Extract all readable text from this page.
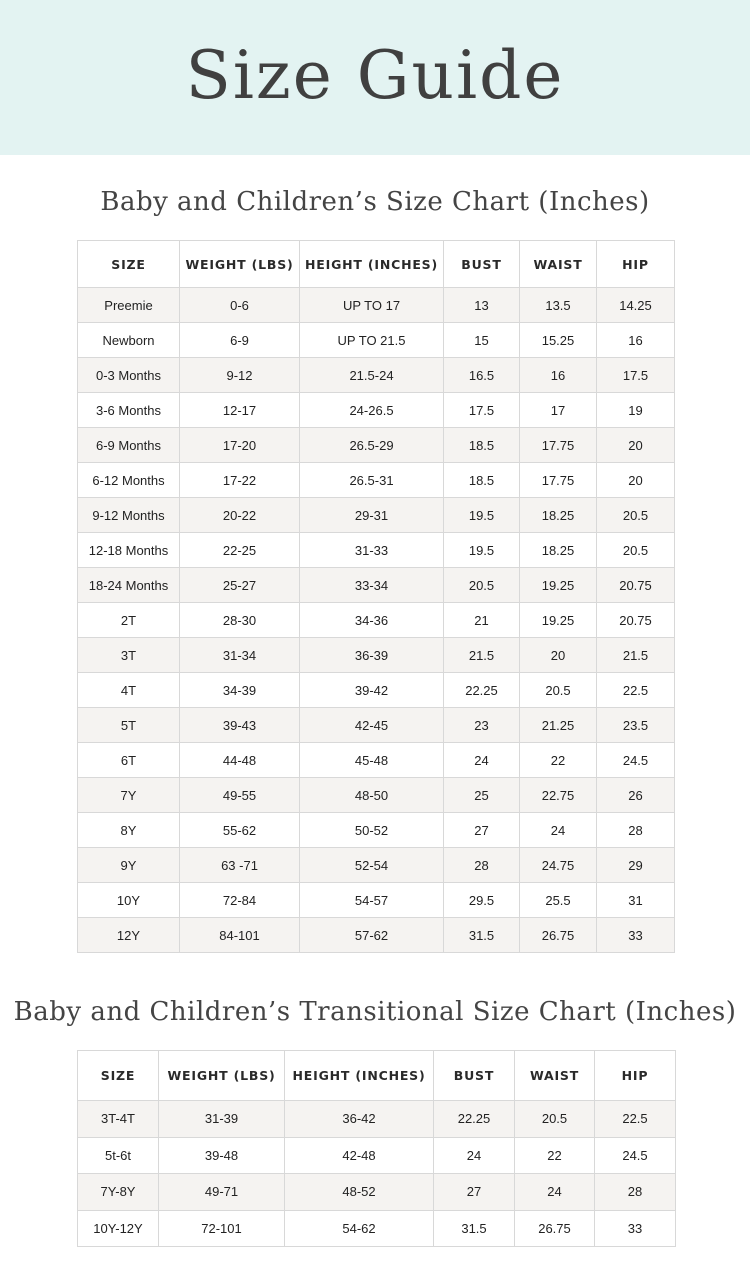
Size Guide
Baby and Children’s Size Chart (Inches)
SIZE	WEIGHT (LBS)	HEIGHT (INCHES)	BUST	WAIST	HIP
Preemie	0-6	UP TO 17	13	13.5	14.25
Newborn	6-9	UP TO 21.5	15	15.25	16
0-3 Months	9-12	21.5-24	16.5	16	17.5
3-6 Months	12-17	24-26.5	17.5	17	19
6-9 Months	17-20	26.5-29	18.5	17.75	20
6-12 Months	17-22	26.5-31	18.5	17.75	20
9-12 Months	20-22	29-31	19.5	18.25	20.5
12-18 Months	22-25	31-33	19.5	18.25	20.5
18-24 Months	25-27	33-34	20.5	19.25	20.75
2T	28-30	34-36	21	19.25	20.75
3T	31-34	36-39	21.5	20	21.5
4T	34-39	39-42	22.25	20.5	22.5
5T	39-43	42-45	23	21.25	23.5
6T	44-48	45-48	24	22	24.5
7Y	49-55	48-50	25	22.75	26
8Y	55-62	50-52	27	24	28
9Y	63 -71	52-54	28	24.75	29
10Y	72-84	54-57	29.5	25.5	31
12Y	84-101	57-62	31.5	26.75	33
Baby and Children’s Transitional Size Chart (Inches)
SIZE	WEIGHT (LBS)	HEIGHT (INCHES)	BUST	WAIST	HIP
3T-4T	31-39	36-42	22.25	20.5	22.5
5t-6t	39-48	42-48	24	22	24.5
7Y-8Y	49-71	48-52	27	24	28
10Y-12Y	72-101	54-62	31.5	26.75	33
